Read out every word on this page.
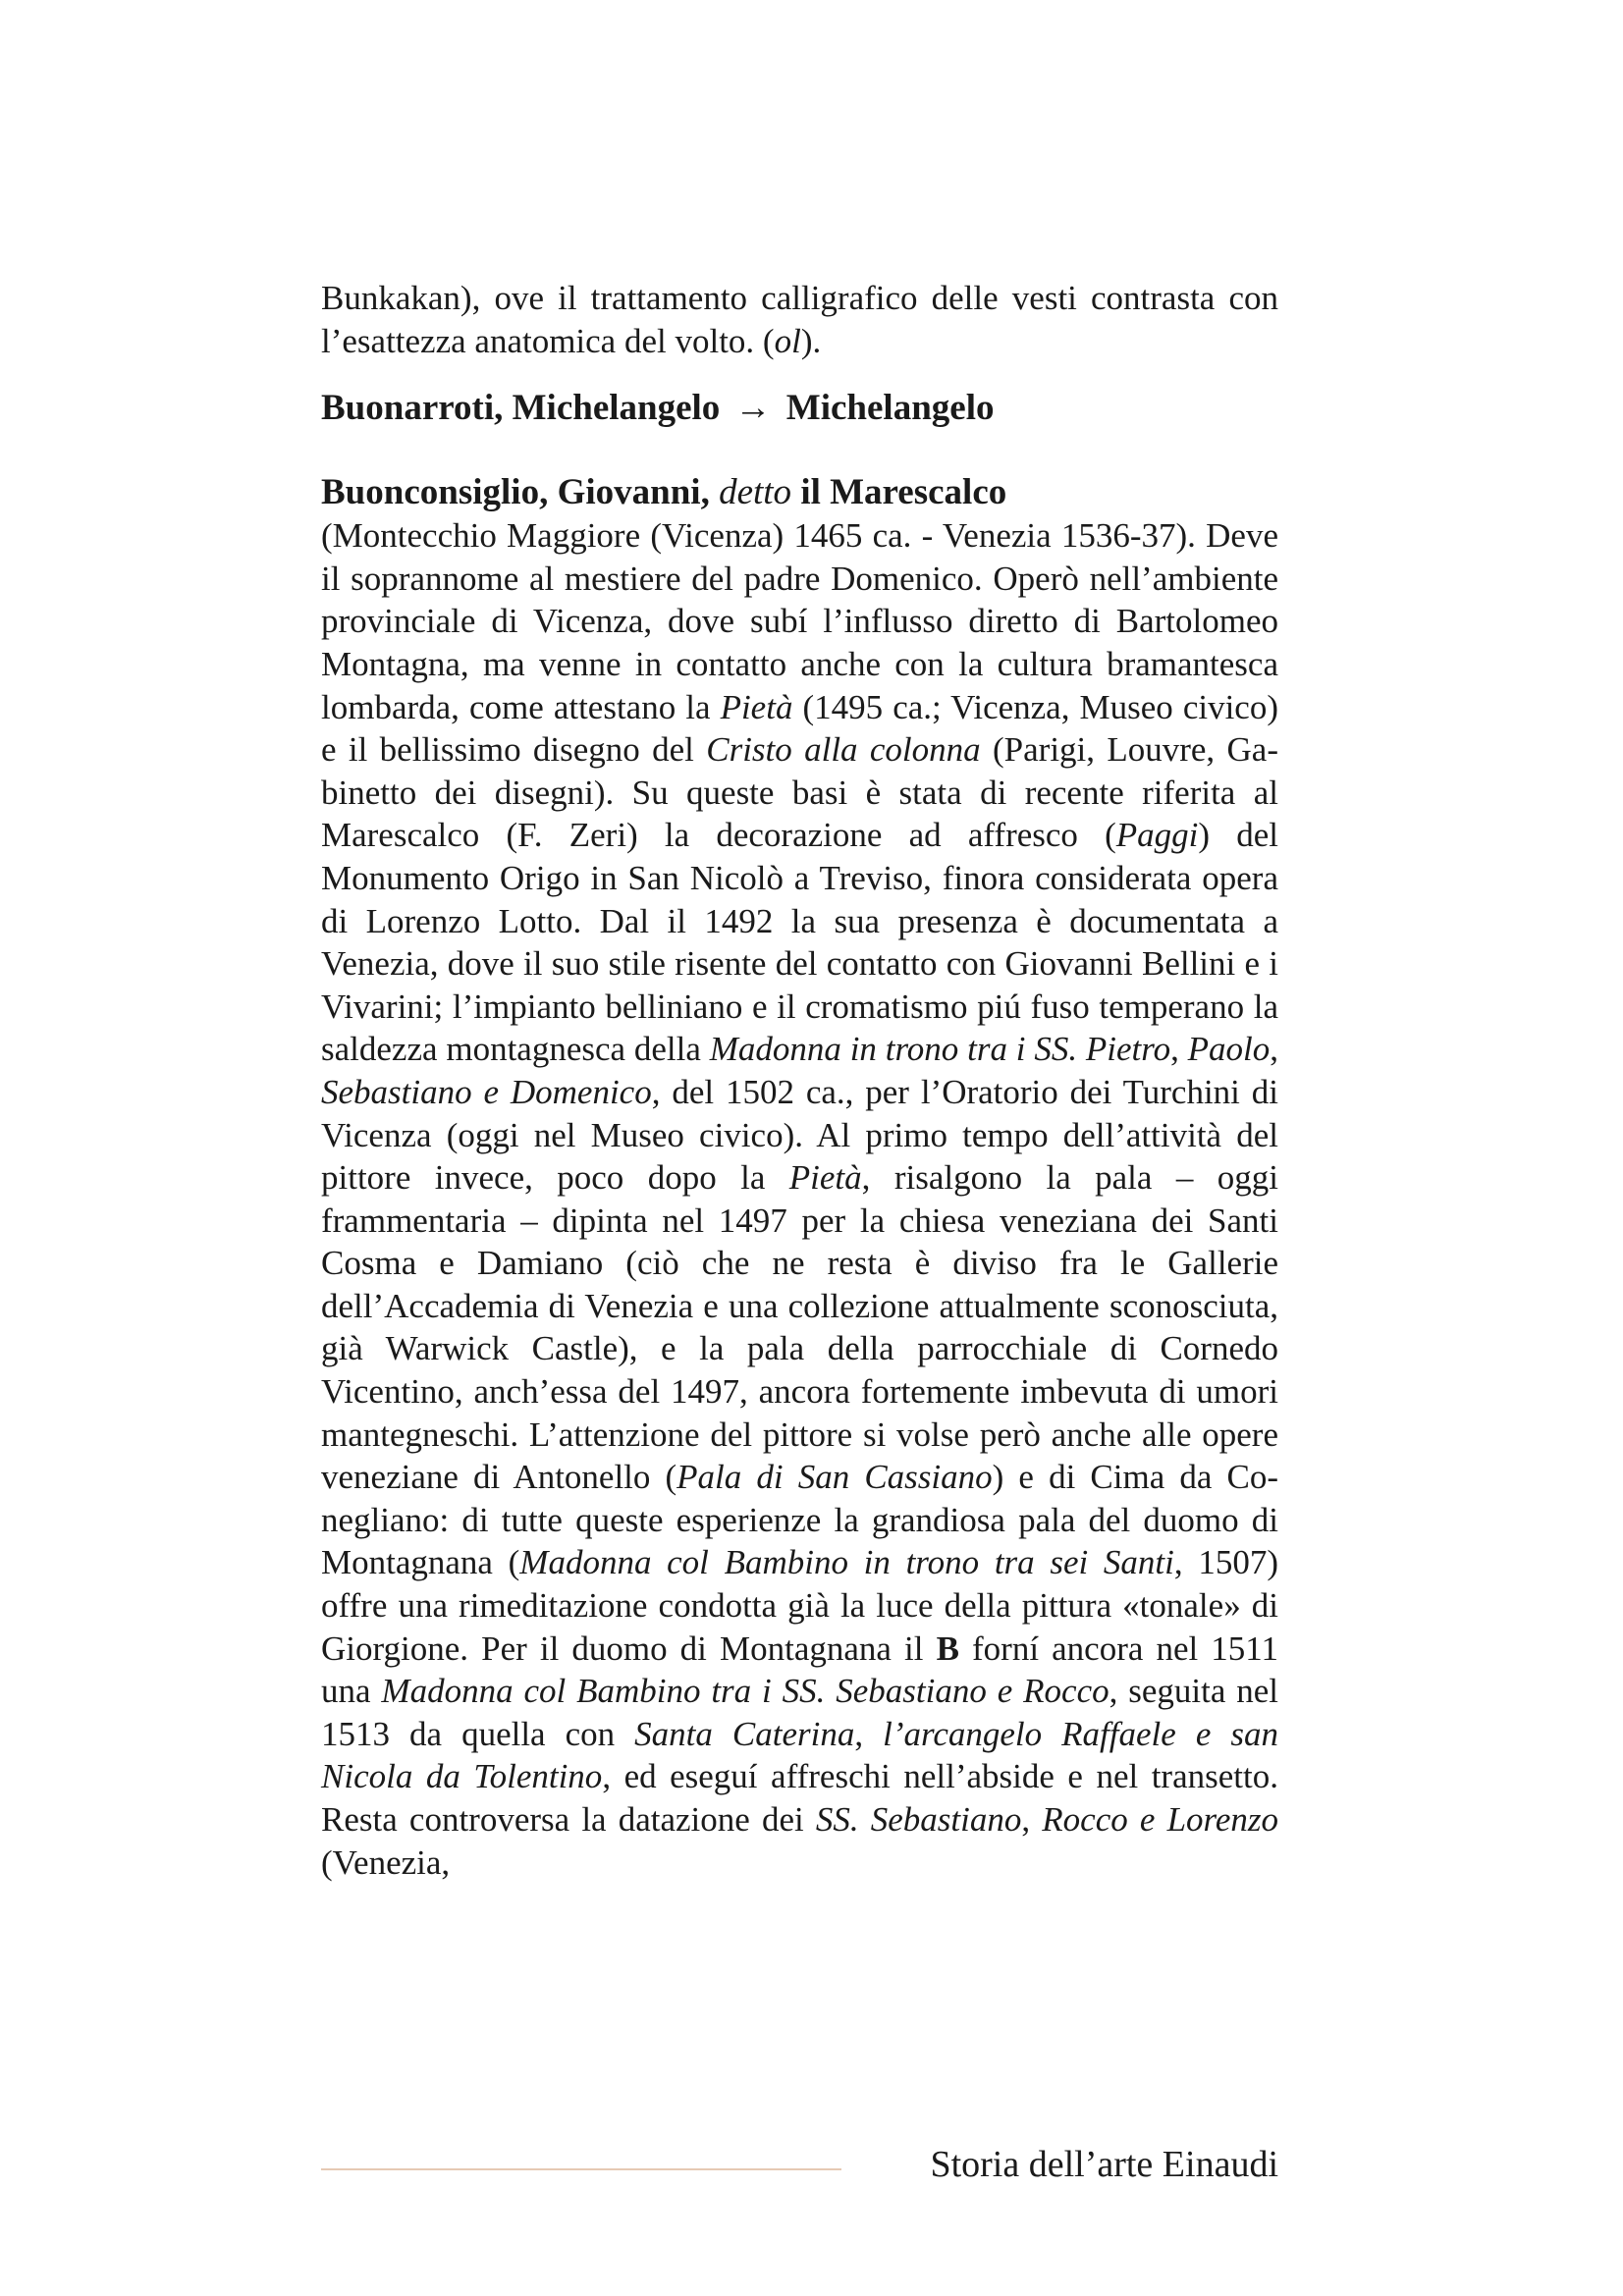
Bunkakan), ove il trattamento calligrafico delle vesti contrasta con l’esattezza anatomica del volto. (ol).

Buonarroti, Michelangelo → Michelangelo

Buonconsiglio, Giovanni, detto il Marescalco

(Montecchio Maggiore (Vicenza) 1465 ca. - Venezia 1536-37). Deve il soprannome al mestiere del padre Domenico. Operò nell’ambiente provinciale di Vicenza, dove subí l’influsso diretto di Bartolomeo Montagna, ma venne in contatto anche con la cultura bramantesca lombarda, come attestano la Pietà (1495 ca.; Vicenza, Museo civico) e il bellissimo disegno del Cristo alla colonna (Parigi, Louvre, Gabinetto dei disegni). Su queste basi è stata di recente riferita al Marescalco (F. Zeri) la decorazione ad affresco (Paggi) del Monumento Origo in San Nicolò a Treviso, finora considerata opera di Lorenzo Lotto. Dal il 1492 la sua presenza è documentata a Venezia, dove il suo stile risente del contatto con Giovanni Bellini e i Vivarini; l’impianto belliniano e il cromatismo piú fuso temperano la saldezza montagnesca della Madonna in trono tra i SS. Pietro, Paolo, Sebastiano e Domenico, del 1502 ca., per l’Oratorio dei Turchini di Vicenza (oggi nel Museo civico). Al primo tempo dell’attività del pittore invece, poco dopo la Pietà, risalgono la pala – oggi frammentaria – dipinta nel 1497 per la chiesa veneziana dei Santi Cosma e Damiano (ciò che ne resta è diviso fra le Gallerie dell’Accademia di Venezia e una collezione attualmente sconosciuta, già Warwick Castle), e la pala della parrocchiale di Cornedo Vicentino, anch’essa del 1497, ancora fortemente imbevuta di umori mantegneschi. L’attenzione del pittore si volse però anche alle opere veneziane di Antonello (Pala di San Cassiano) e di Cima da Conegliano: di tutte queste esperienze la grandiosa pala del duomo di Montagnana (Madonna col Bambino in trono tra sei Santi, 1507) offre una rimeditazione condotta già la luce della pittura «tonale» di Giorgione. Per il duomo di Montagnana il B forní ancora nel 1511 una Madonna col Bambino tra i SS. Sebastiano e Rocco, seguita nel 1513 da quella con Santa Caterina, l’arcangelo Raffaele e san Nicola da Tolentino, ed eseguí affreschi nell’abside e nel transetto. Resta controversa la datazione dei SS. Sebastiano, Rocco e Lorenzo (Venezia,

Storia dell’arte Einaudi
